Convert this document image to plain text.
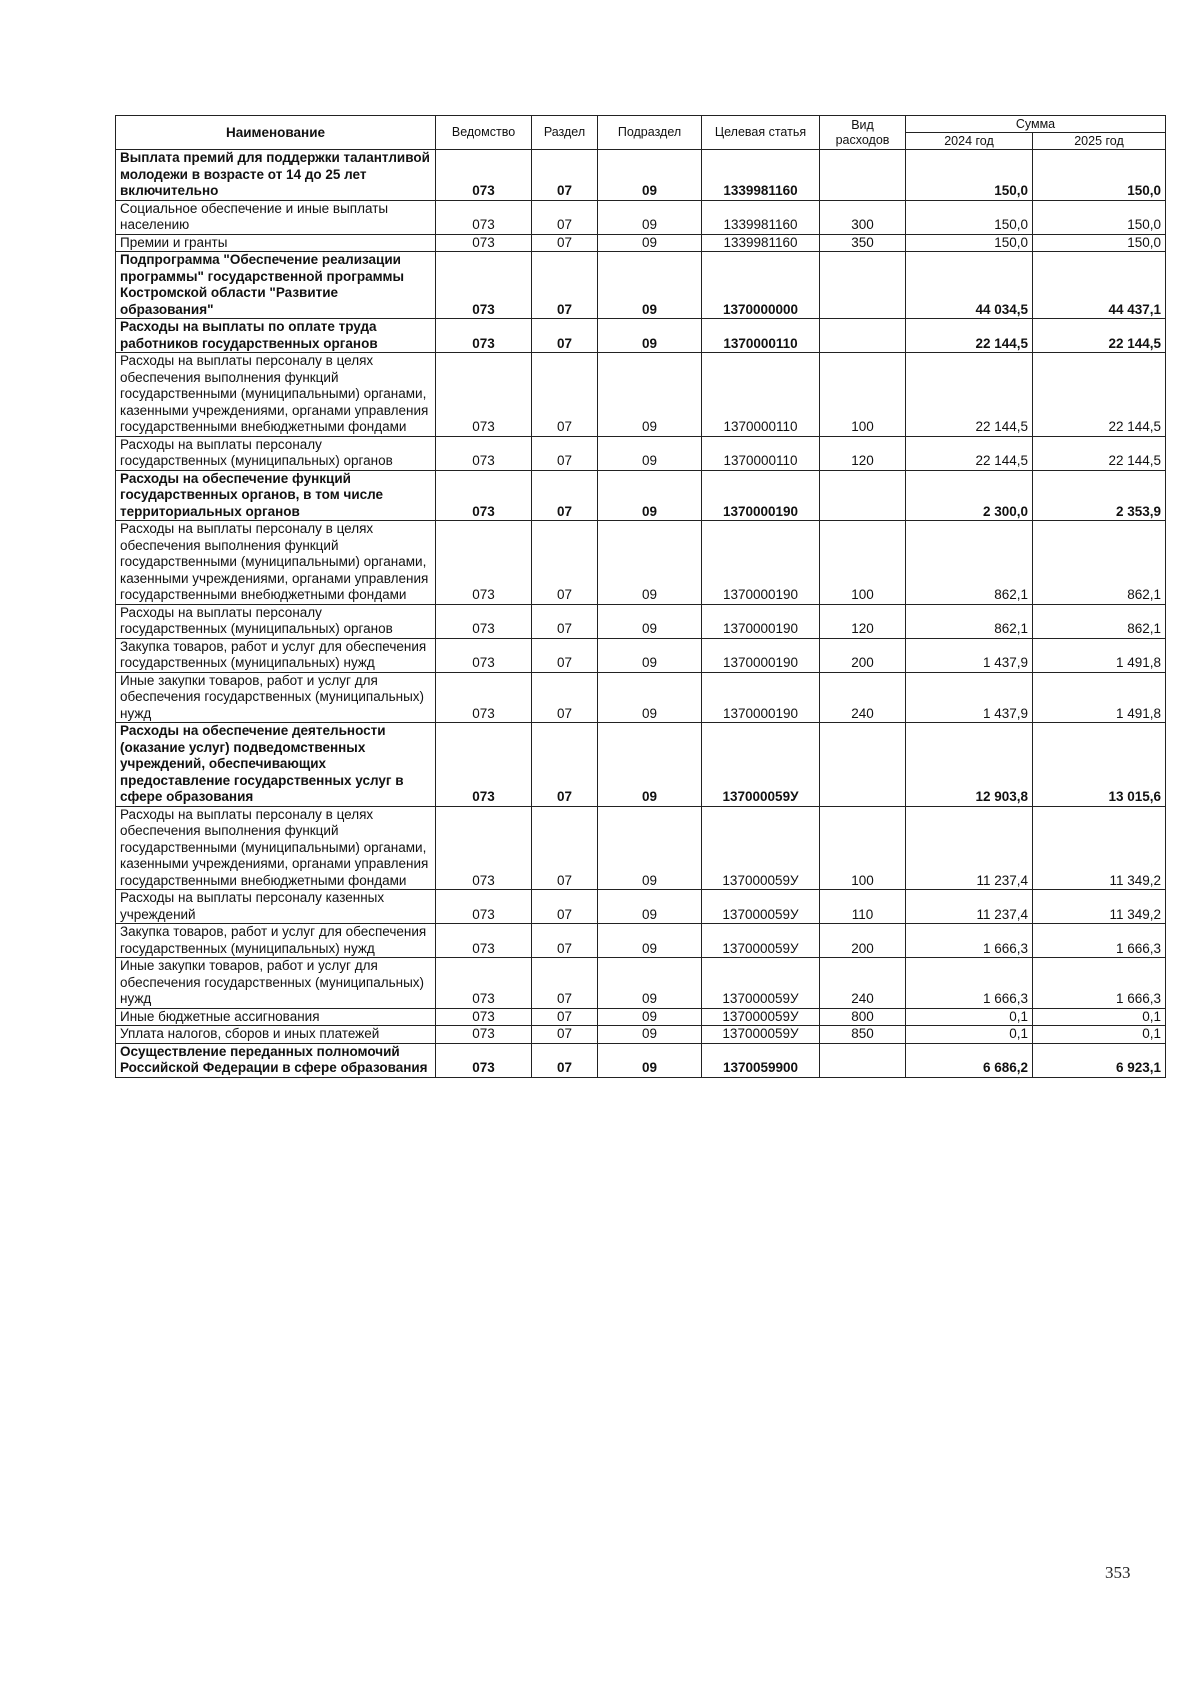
Наименование	Ведомство	Раздел	Подраздел	Целевая статья	Вид расходов	Сумма	
						2024 год	2025 год
Выплата премий для поддержки талантливой молодежи в возрасте от 14 до 25 лет включительно	073	07	09	1339981160		150,0	150,0
Социальное обеспечение и иные выплаты населению	073	07	09	1339981160	300	150,0	150,0
Премии и гранты	073	07	09	1339981160	350	150,0	150,0
Подпрограмма "Обеспечение реализации программы" государственной программы Костромской области "Развитие образования"	073	07	09	1370000000		44 034,5	44 437,1
Расходы на выплаты по оплате труда работников государственных органов	073	07	09	1370000110		22 144,5	22 144,5
Расходы на выплаты персоналу в целях обеспечения выполнения функций государственными (муниципальными) органами, казенными учреждениями, органами управления государственными внебюджетными фондами	073	07	09	1370000110	100	22 144,5	22 144,5
Расходы на выплаты персоналу государственных (муниципальных) органов	073	07	09	1370000110	120	22 144,5	22 144,5
Расходы на обеспечение функций государственных органов, в том числе территориальных органов	073	07	09	1370000190		2 300,0	2 353,9
Расходы на выплаты персоналу в целях обеспечения выполнения функций государственными (муниципальными) органами, казенными учреждениями, органами управления государственными внебюджетными фондами	073	07	09	1370000190	100	862,1	862,1
Расходы на выплаты персоналу государственных (муниципальных) органов	073	07	09	1370000190	120	862,1	862,1
Закупка товаров, работ и услуг для обеспечения государственных (муниципальных) нужд	073	07	09	1370000190	200	1 437,9	1 491,8
Иные закупки товаров, работ и услуг для обеспечения государственных (муниципальных) нужд	073	07	09	1370000190	240	1 437,9	1 491,8
Расходы на обеспечение деятельности (оказание услуг) подведомственных учреждений, обеспечивающих предоставление государственных услуг в сфере образования	073	07	09	137000059У		12 903,8	13 015,6
Расходы на выплаты персоналу в целях обеспечения выполнения функций государственными (муниципальными) органами, казенными учреждениями, органами управления государственными внебюджетными фондами	073	07	09	137000059У	100	11 237,4	11 349,2
Расходы на выплаты персоналу казенных учреждений	073	07	09	137000059У	110	11 237,4	11 349,2
Закупка товаров, работ и услуг для обеспечения государственных (муниципальных) нужд	073	07	09	137000059У	200	1 666,3	1 666,3
Иные закупки товаров, работ и услуг для обеспечения государственных (муниципальных) нужд	073	07	09	137000059У	240	1 666,3	1 666,3
Иные бюджетные ассигнования	073	07	09	137000059У	800	0,1	0,1
Уплата налогов, сборов и иных платежей	073	07	09	137000059У	850	0,1	0,1
Осуществление переданных полномочий Российской Федерации в сфере образования	073	07	09	1370059900		6 686,2	6 923,1
353
